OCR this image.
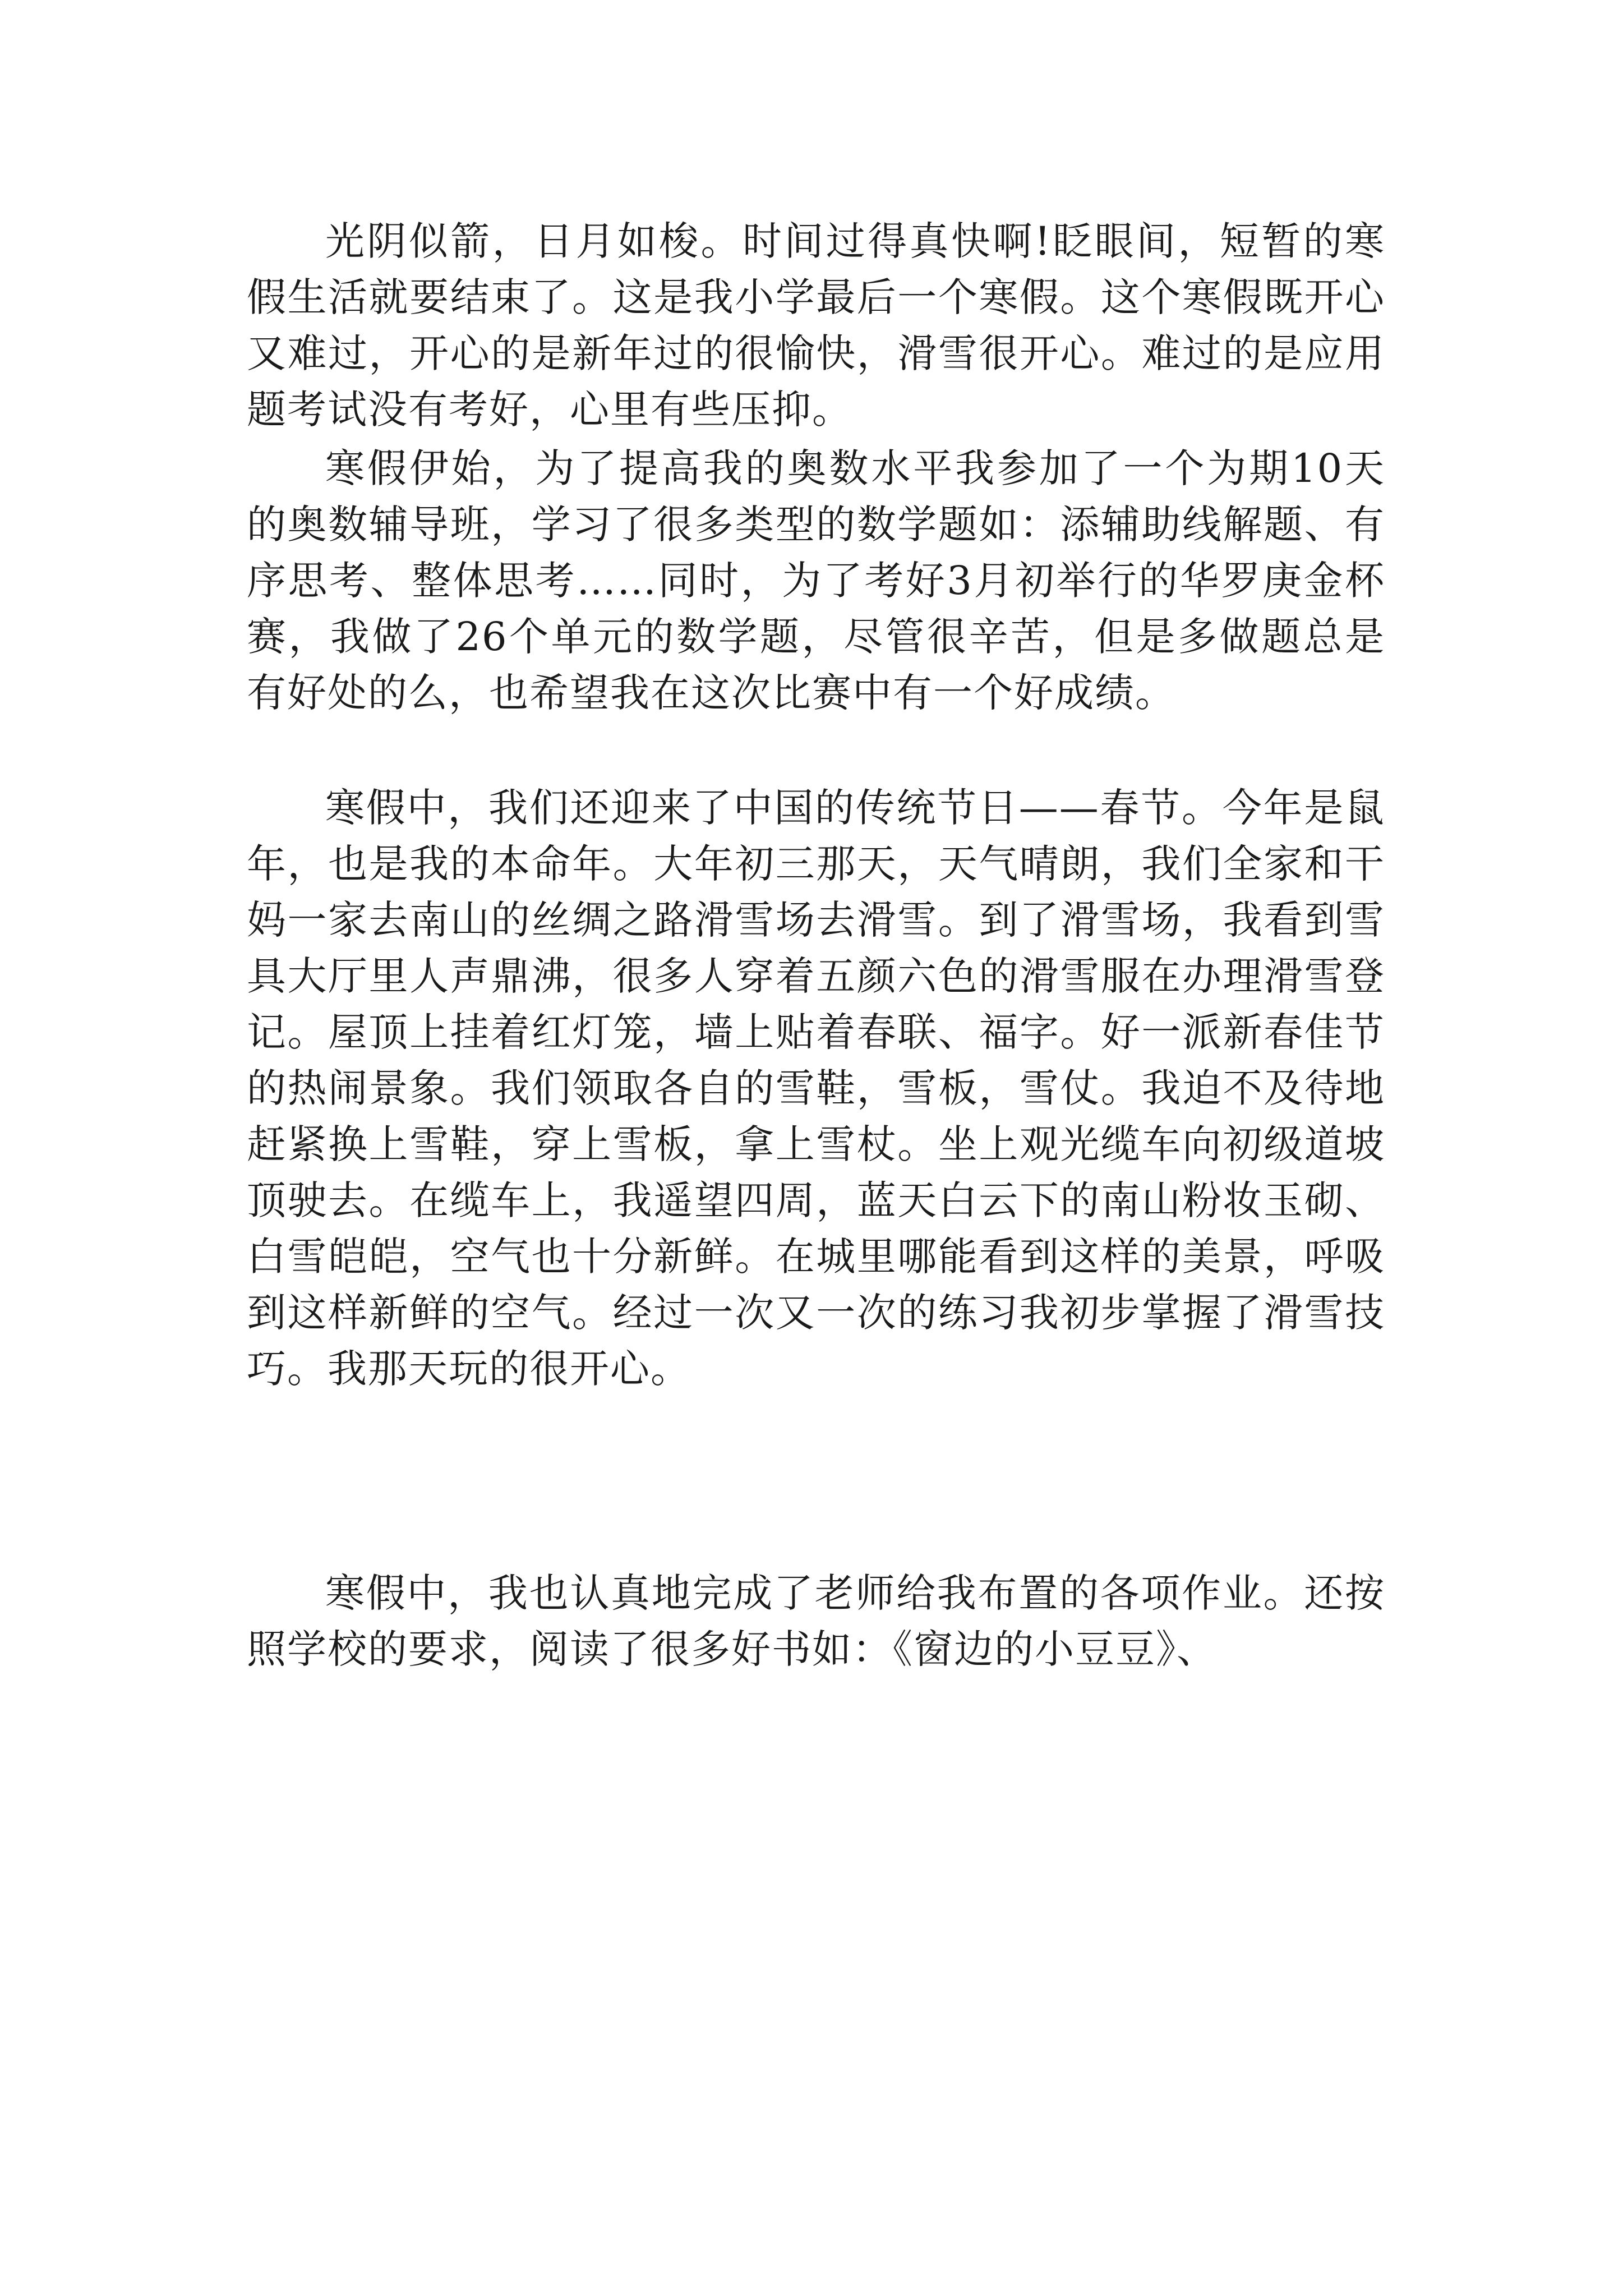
光阴似箭，日月如梭。时间过得真快啊!眨眼间，短暂的寒假生活就要结束了。这是我小学最后一个寒假。这个寒假既开心又难过，开心的是新年过的很愉快，滑雪很开心。难过的是应用题考试没有考好，心里有些压抑。

寒假伊始，为了提高我的奥数水平我参加了一个为期10天的奥数辅导班，学习了很多类型的数学题如：添辅助线解题、有序思考、整体思考……同时，为了考好3月初举行的华罗庚金杯赛，我做了26个单元的数学题，尽管很辛苦，但是多做题总是有好处的么，也希望我在这次比赛中有一个好成绩。

寒假中，我们还迎来了中国的传统节日——春节。今年是鼠年，也是我的本命年。大年初三那天，天气晴朗，我们全家和干妈一家去南山的丝绸之路滑雪场去滑雪。到了滑雪场，我看到雪具大厅里人声鼎沸，很多人穿着五颜六色的滑雪服在办理滑雪登记。屋顶上挂着红灯笼，墙上贴着春联、福字。好一派新春佳节的热闹景象。我们领取各自的雪鞋，雪板，雪仗。我迫不及待地赶紧换上雪鞋，穿上雪板，拿上雪杖。坐上观光缆车向初级道坡顶驶去。在缆车上，我遥望四周，蓝天白云下的南山粉妆玉砌、白雪皑皑，空气也十分新鲜。在城里哪能看到这样的美景，呼吸到这样新鲜的空气。经过一次又一次的练习我初步掌握了滑雪技巧。我那天玩的很开心。

寒假中，我也认真地完成了老师给我布置的各项作业。还按照学校的要求，阅读了很多好书如：《窗边的小豆豆》、
